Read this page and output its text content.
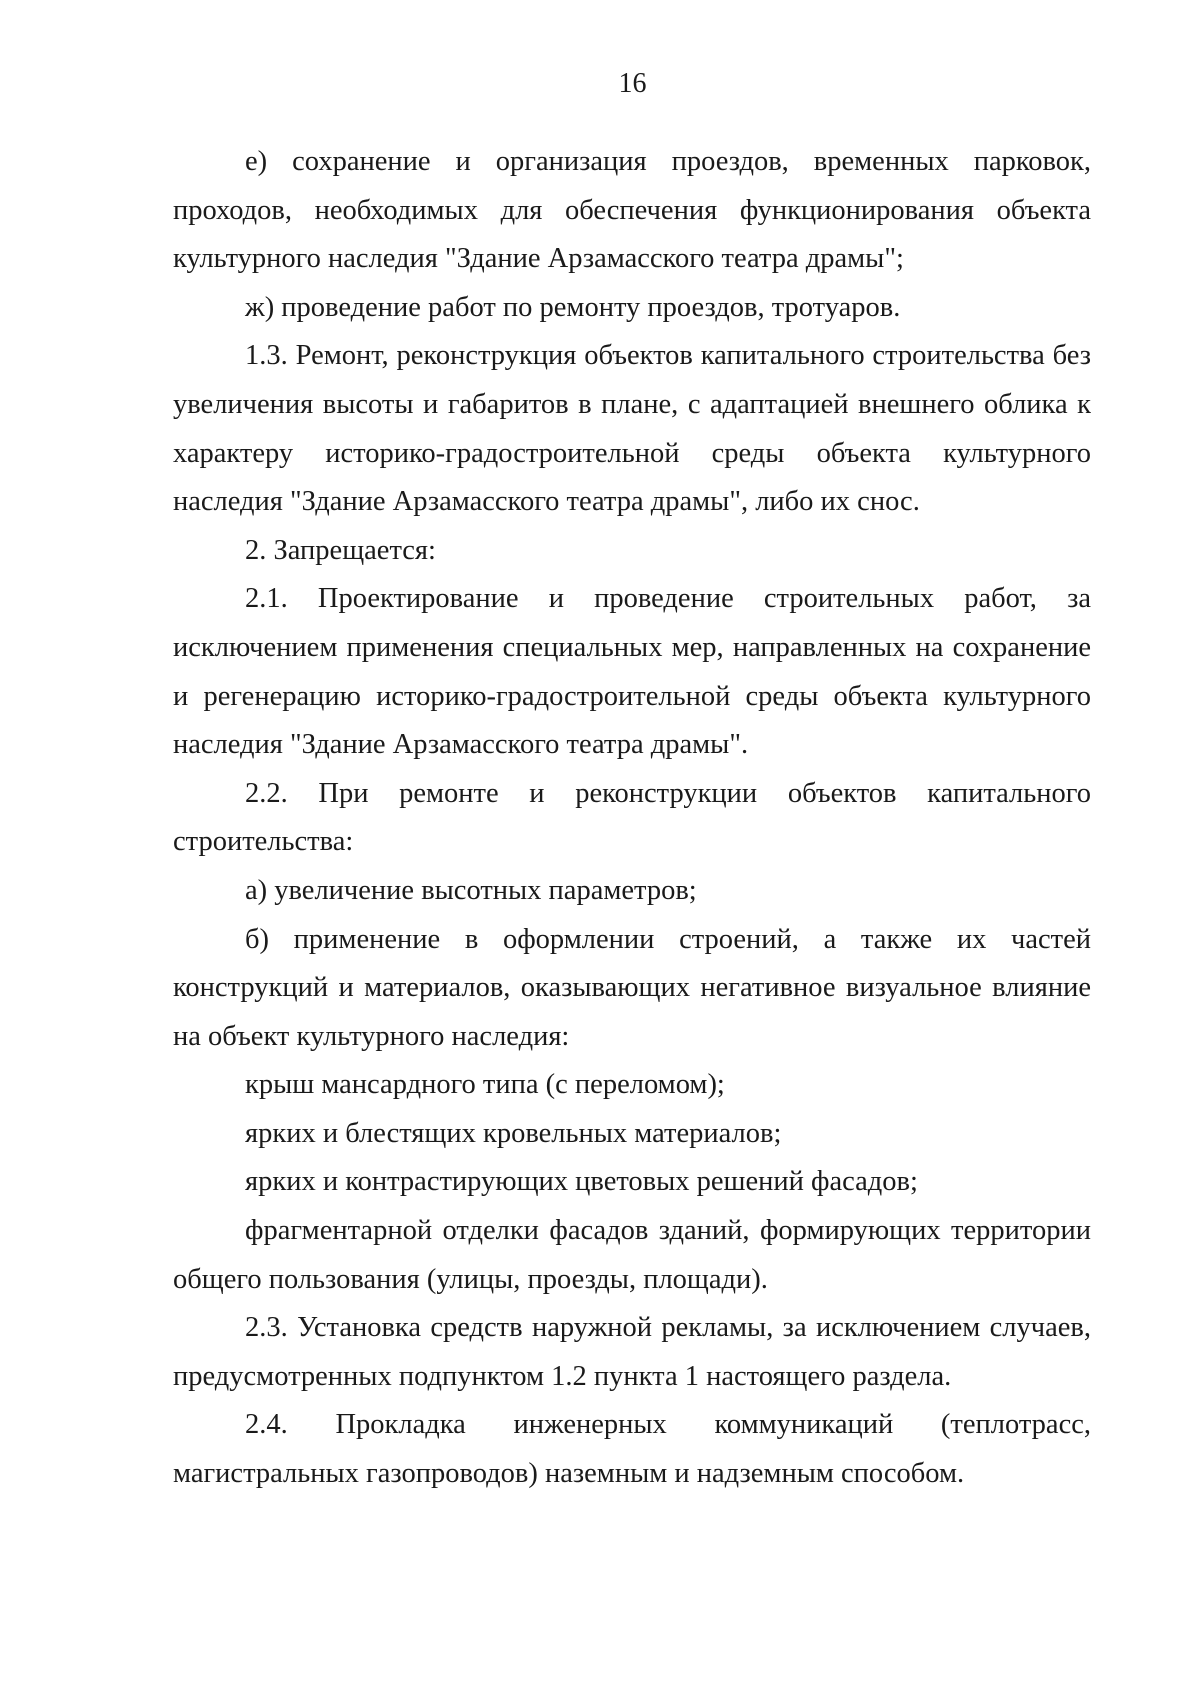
16

е) сохранение и организация проездов, временных парковок, проходов, необходимых для обеспечения функционирования объекта культурного наследия "Здание Арзамасского театра драмы";

ж) проведение работ по ремонту проездов, тротуаров.

1.3. Ремонт, реконструкция объектов капитального строительства без увеличения высоты и габаритов в плане, с адаптацией внешнего облика к характеру историко-градостроительной среды объекта культурного наследия "Здание Арзамасского театра драмы", либо их снос.

2. Запрещается:

2.1. Проектирование и проведение строительных работ, за исключением применения специальных мер, направленных на сохранение и регенерацию историко-градостроительной среды объекта культурного наследия "Здание Арзамасского театра драмы".

2.2. При ремонте и реконструкции объектов капитального строительства:

а) увеличение высотных параметров;

б) применение в оформлении строений, а также их частей конструкций и материалов, оказывающих негативное визуальное влияние на объект культурного наследия:

крыш мансардного типа (с переломом);

ярких и блестящих кровельных материалов;

ярких и контрастирующих цветовых решений фасадов;

фрагментарной отделки фасадов зданий, формирующих территории общего пользования (улицы, проезды, площади).

2.3. Установка средств наружной рекламы, за исключением случаев, предусмотренных подпунктом 1.2 пункта 1 настоящего раздела.

2.4. Прокладка инженерных коммуникаций (теплотрасс, магистральных газопроводов) наземным и надземным способом.
